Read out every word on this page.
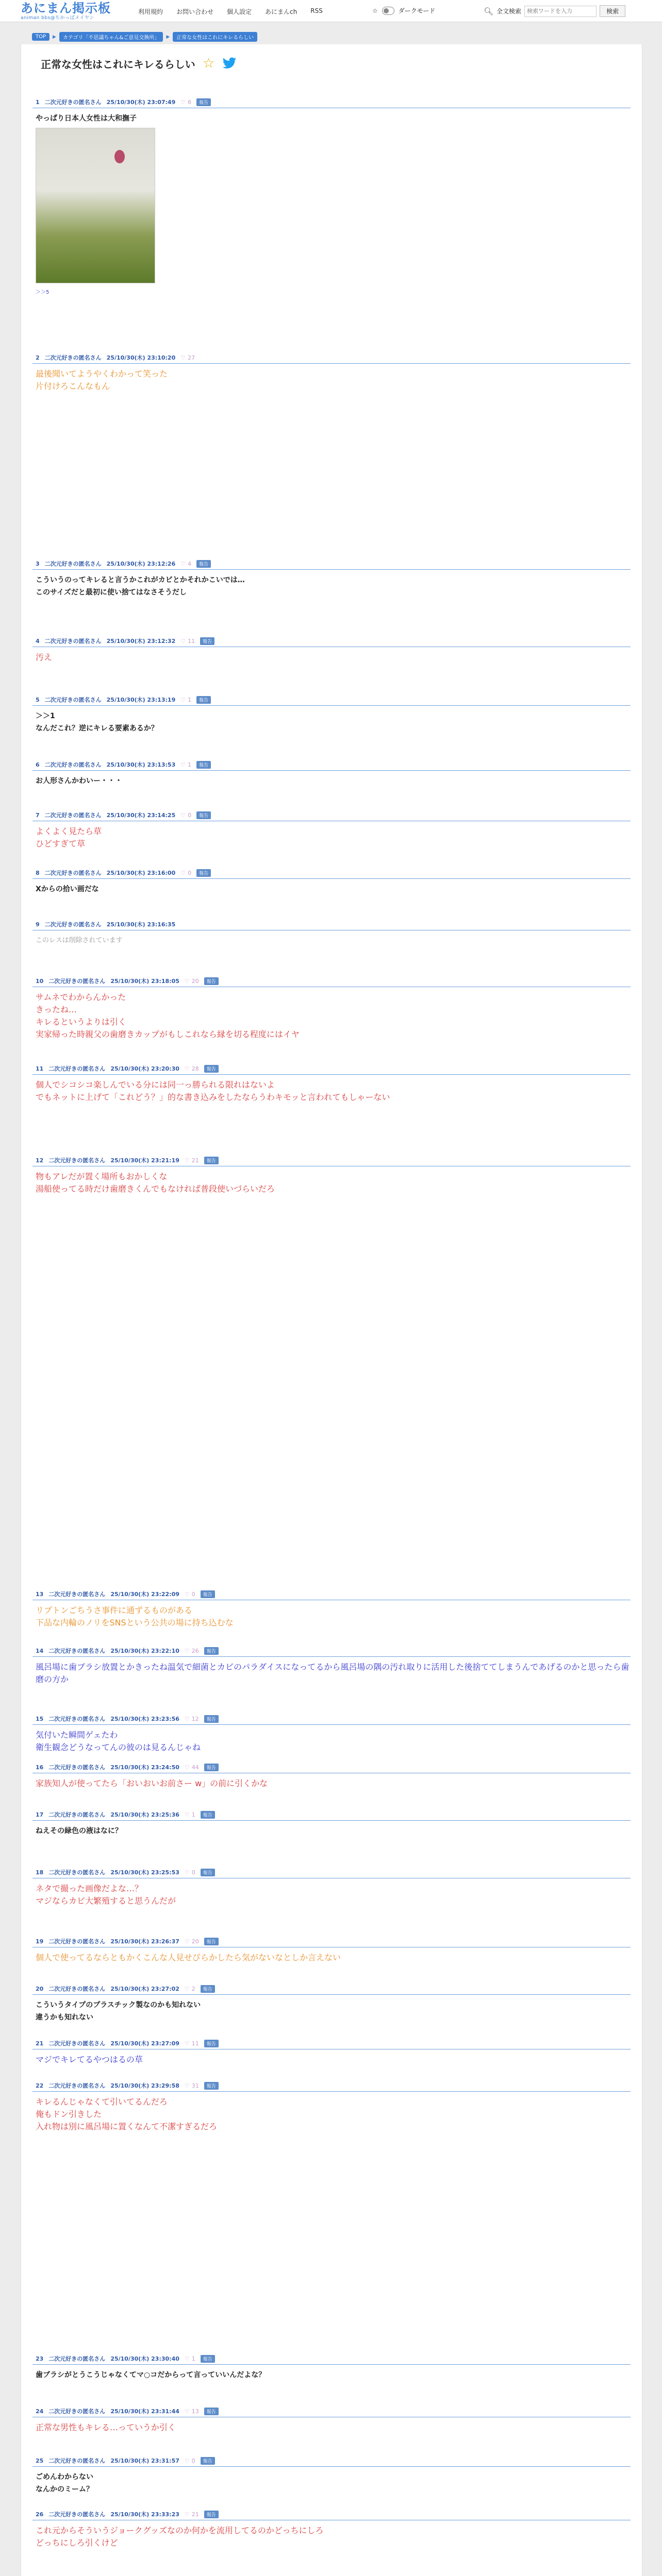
あにまん掲示板
animan bbs@ちかっぱメイヤン
利用規約 お問い合わせ 個人設定 あにまんch RSS	☆	ダークモード	🔍︎ 全文検索
検索ワードを入力	検索
TOP	▶	カテゴリ「不思議ちゃん&ご意見交換所」	▶	正常な女性はこれにキレるらしい
正常な女性はこれにキレるらしい ☆
1 二次元好きの匿名さん 25/10/30(木) 23:07:49 ♡ 6	報告

やっぱり日本人女性は大和撫子

＞＞5
2 二次元好きの匿名さん 25/10/30(木) 23:10:20 ♡ 27

最後聞いてようやくわかって笑った

片付けろこんなもん

3 二次元好きの匿名さん 25/10/30(木) 23:12:26 ♡ 4	報告

こういうのってキレると言うかこれがカビとかそれかこいでは…

このサイズだと最初に使い捨てはなさそうだし

4 二次元好きの匿名さん 25/10/30(木) 23:12:32 ♡ 11	報告

汚え

5 二次元好きの匿名さん 25/10/30(木) 23:13:19 ♡ 1	報告

＞＞1

なんだこれ？逆にキレる要素あるか？

6 二次元好きの匿名さん 25/10/30(木) 23:13:53 ♡ 1	報告

お人形さんかわいー・・・

7 二次元好きの匿名さん 25/10/30(木) 23:14:25 ♡ 0	報告

よくよく見たら草

ひどすぎて草

8 二次元好きの匿名さん 25/10/30(木) 23:16:00 ♡ 0	報告

Xからの拾い画だな

9 二次元好きの匿名さん 25/10/30(木) 23:16:35

このレスは削除されています

10 二次元好きの匿名さん 25/10/30(木) 23:18:05 ♡ 20	報告

サムネでわからんかった

きったね…

キレるというよりは引く

実家帰った時親父の歯磨きカップがもしこれなら縁を切る程度にはイヤ

11 二次元好きの匿名さん 25/10/30(木) 23:20:30 ♡ 28	報告

個人でシコシコ楽しんでいる分には同一っ勝られる限れはないよ

でもネットに上げて「これどう？」的な書き込みをしたならうわキモッと言われてもしゃーない

12 二次元好きの匿名さん 25/10/30(木) 23:21:19 ♡ 21	報告

物もアレだが置く場所もおかしくな

湯船使ってる時だけ歯磨きくんでもなければ普段使いづらいだろ

13 二次元好きの匿名さん 25/10/30(木) 23:22:09 ♡ 0	報告

リプトンごちうさ事件に通ずるものがある

下品な内輪のノリをSNSという公共の場に持ち込むな

14 二次元好きの匿名さん 25/10/30(木) 23:22:10 ♡ 26	報告

風呂場に歯ブラシ放置とかきったね温気で細菌とカビのパラダイスになってるから風呂場の隅の汚れ取りに活用した後捨ててしまうんであげるのかと思ったら歯磨の方か

15 二次元好きの匿名さん 25/10/30(木) 23:23:56 ♡ 12	報告

気付いた瞬間ゲェたわ

衛生観念どうなってんの彼のは見るんじゃね

16 二次元好きの匿名さん 25/10/30(木) 23:24:50 ♡ 44	報告

家族知人が使ってたら「おいおいお前さー w」の前に引くかな

17 二次元好きの匿名さん 25/10/30(木) 23:25:36 ♡ 1	報告

ねえその緑色の液はなに？

18 二次元好きの匿名さん 25/10/30(木) 23:25:53 ♡ 0	報告

ネタで撮った画像だよな…？

マジならカビ大繁殖すると思うんだが

19 二次元好きの匿名さん 25/10/30(木) 23:26:37 ♡ 20	報告

個人で使ってるならともかくこんな人見せびらかしたら気がないなとしか言えない

20 二次元好きの匿名さん 25/10/30(木) 23:27:02 ♡ 2	報告

こういうタイプのプラスチック製なのかも知れない

違うかも知れない

21 二次元好きの匿名さん 25/10/30(木) 23:27:09 ♡ 11	報告

マジでキレてるやつはるの草

22 二次元好きの匿名さん 25/10/30(木) 23:29:58 ♡ 31	報告

キレるんじゃなくて引いてるんだろ

俺もドン引きした

入れ物は別に風呂場に置くなんて不潔すぎるだろ

23 二次元好きの匿名さん 25/10/30(木) 23:30:40 ♡ 1	報告

歯ブラシがとうこうじゃなくてマ○コだからって言っていいんだよな？

24 二次元好きの匿名さん 25/10/30(木) 23:31:44 ♡ 13	報告

正常な男性もキレる…っていうか引く

25 二次元好きの匿名さん 25/10/30(木) 23:31:57 ♡ 0	報告

ごめんわからない

なんかのミーム？

26 二次元好きの匿名さん 25/10/30(木) 23:33:23 ♡ 21	報告

これ元からそういうジョークグッズなのか何かを流用してるのかどっちにしろ

どっちにしろ引くけど
